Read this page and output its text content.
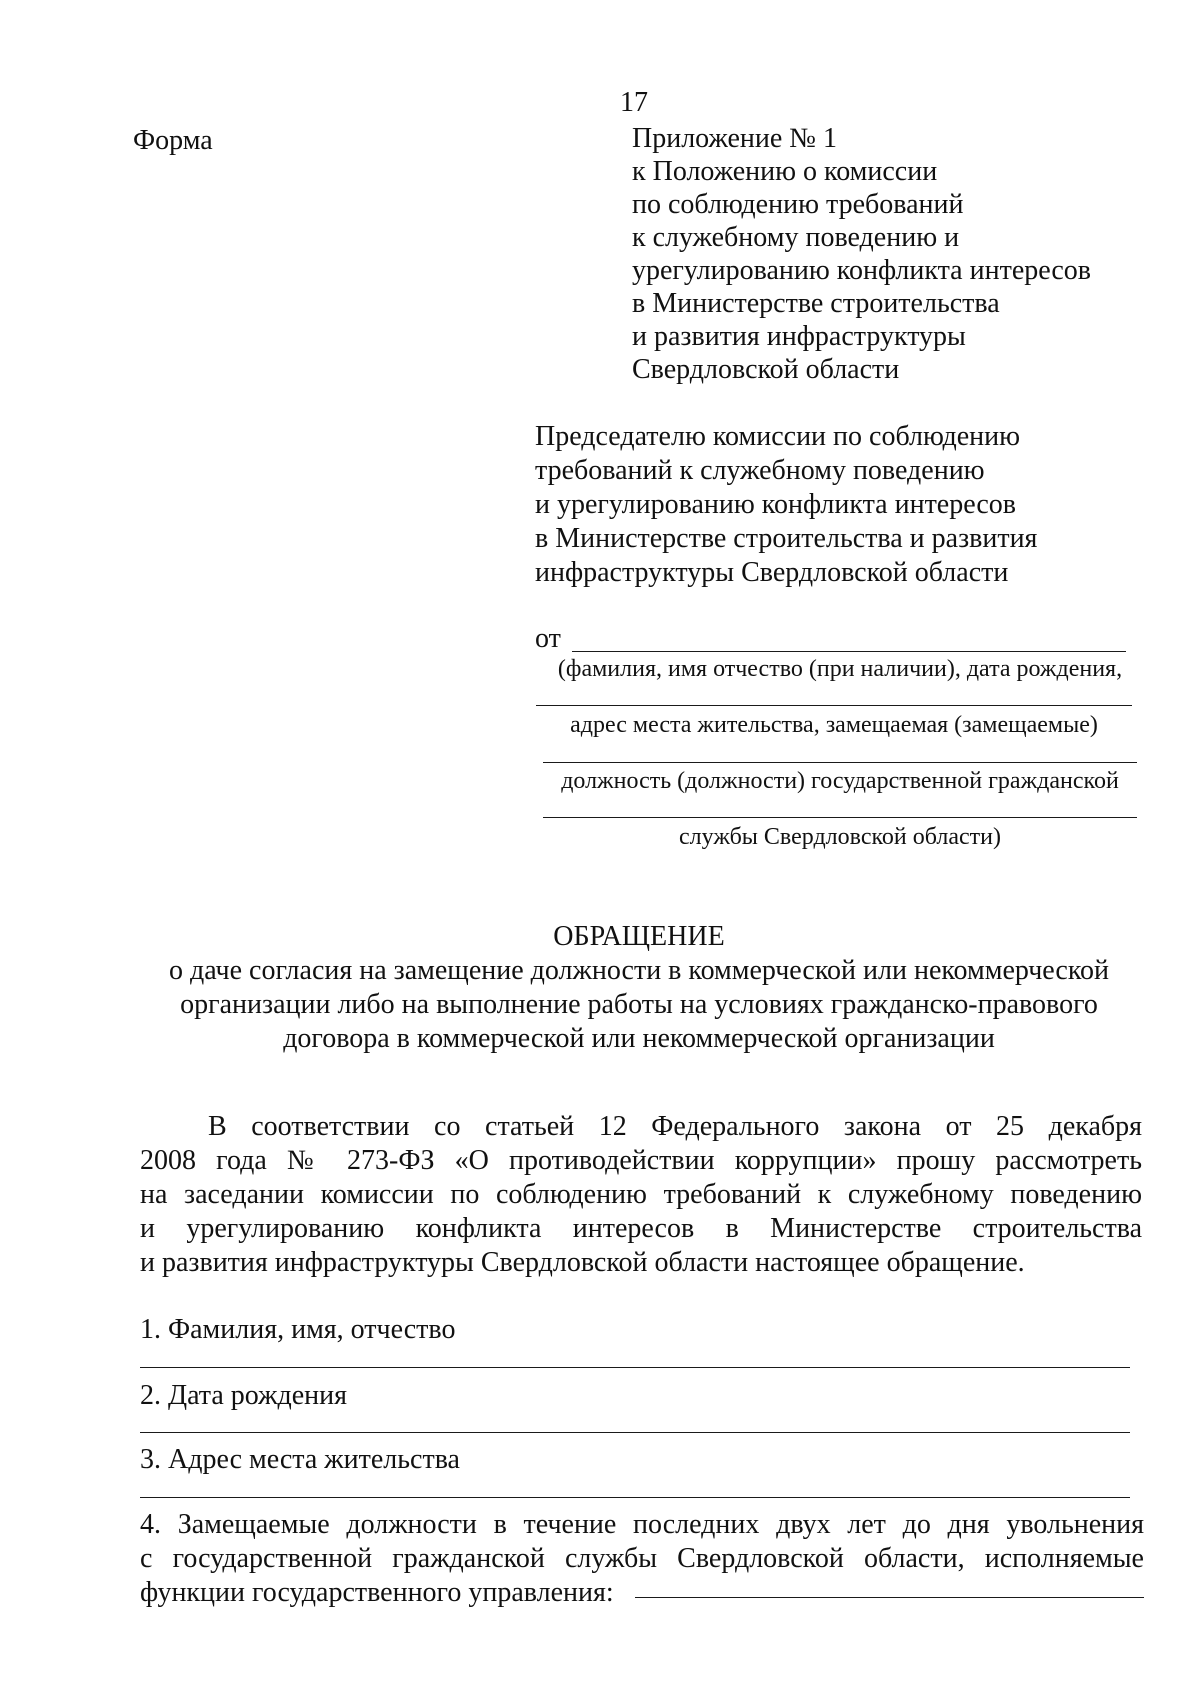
17
Форма	Приложение № 1
к Положению о комиссии
по соблюдению требований
к служебному поведению и
урегулированию конфликта интересов
в Министерстве строительства
и развития инфраструктуры
Свердловской области
Председателю комиссии по соблюдению
требований к служебному поведению
и урегулированию конфликта интересов
в Министерстве строительства и развития
инфраструктуры Свердловской области
от
(фамилия, имя отчество (при наличии), дата рождения,
адрес места жительства, замещаемая (замещаемые)
должность (должности) государственной гражданской
службы Свердловской области)
ОБРАЩЕНИЕ
о даче согласия на замещение должности в коммерческой или некоммерческой
организации либо на выполнение работы на условиях гражданско-правового
договора в коммерческой или некоммерческой организации
В соответствии со статьей 12 Федерального закона от 25 декабря
2008 года № 273-ФЗ «О противодействии коррупции» прошу рассмотреть
на заседании комиссии по соблюдению требований к служебному поведению
и урегулированию конфликта интересов в Министерстве строительства
и развития инфраструктуры Свердловской области настоящее обращение.
1. Фамилия, имя, отчество
2. Дата рождения
3. Адрес места жительства
4. Замещаемые должности в течение последних двух лет до дня увольнения
с государственной гражданской службы Свердловской области, исполняемые
функции государственного управления:
